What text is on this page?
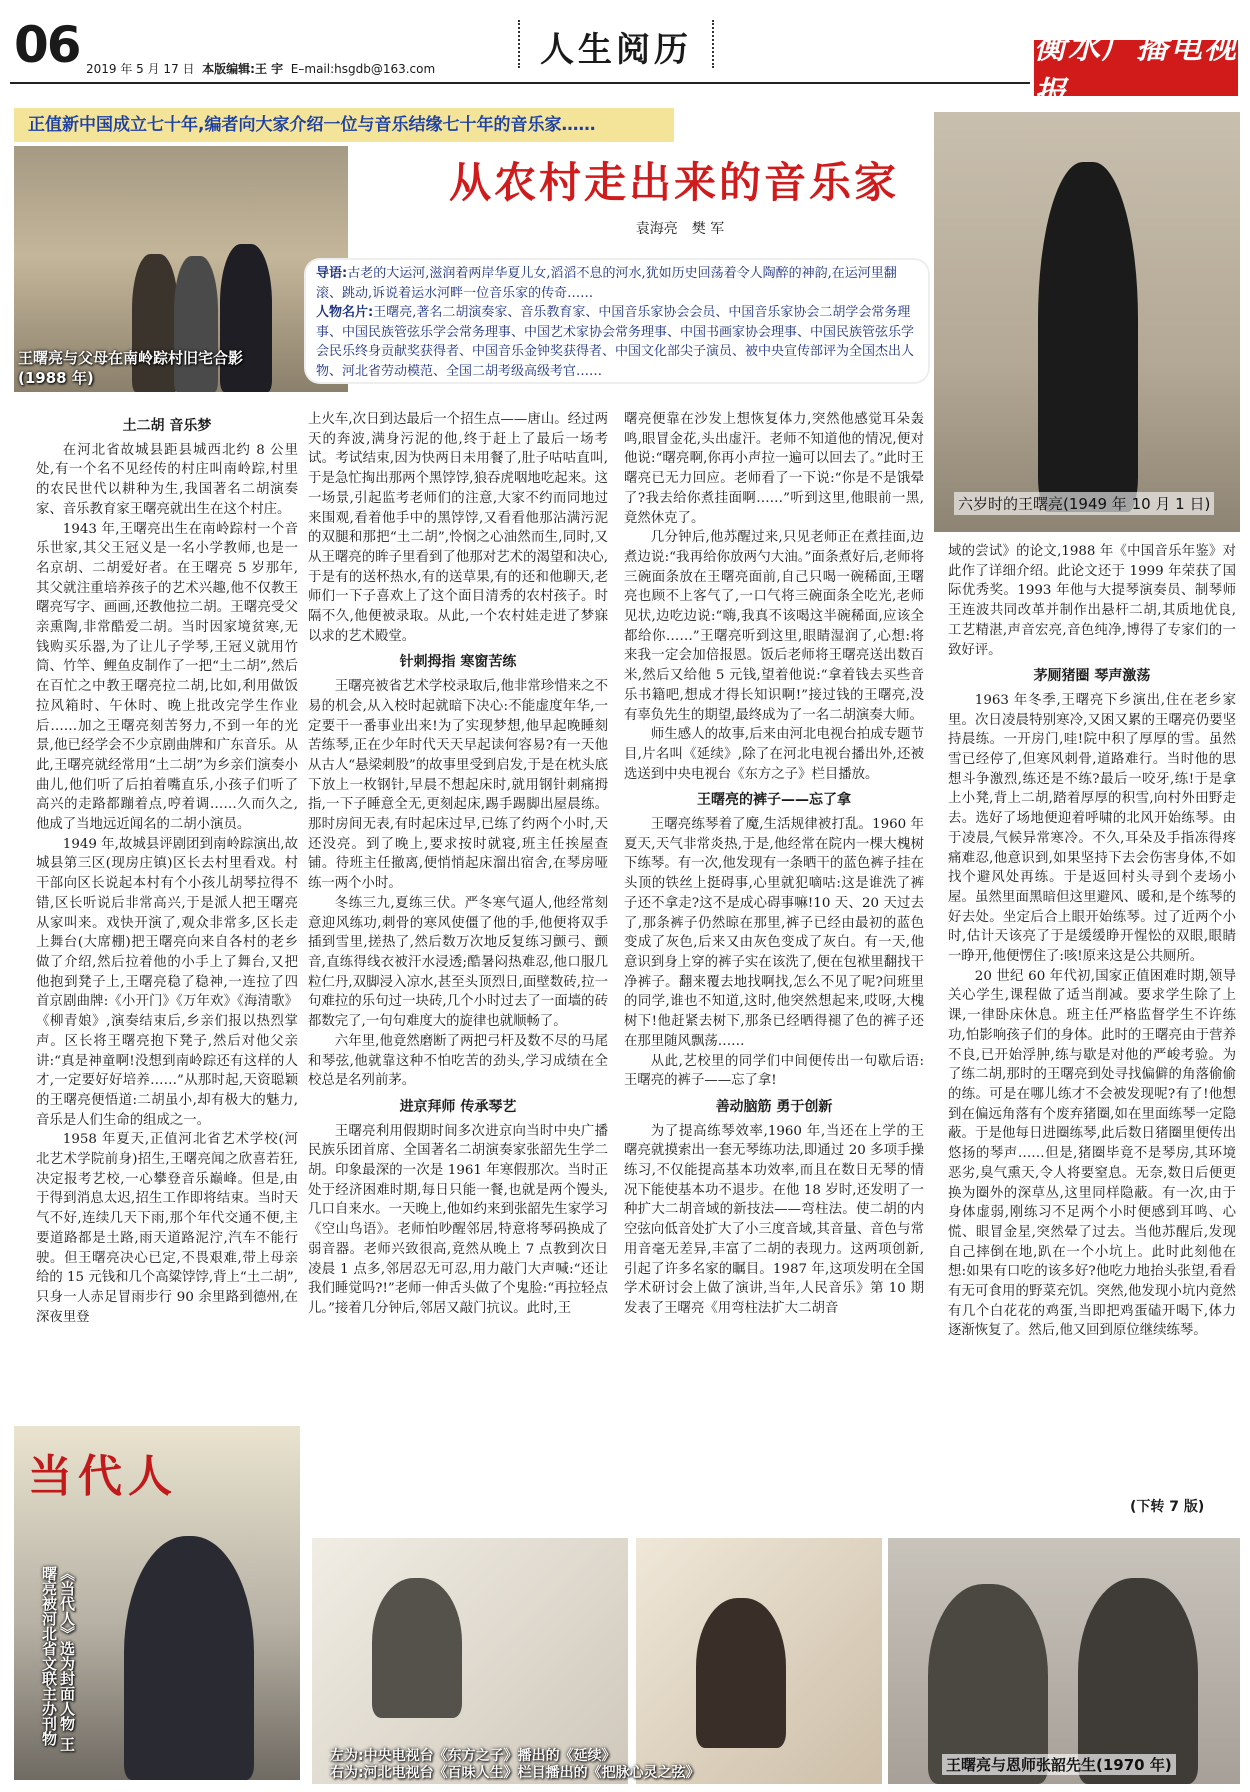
06 2019 年 5 月 17 日 本版编辑:王 宇 E–mail:hsgdb@163.com	人生阅历	衡水广播电视报
正值新中国成立七十年,编者向大家介绍一位与音乐结缘七十年的音乐家……
王曙亮与父母在南岭踪村旧宅合影(1988 年)
从农村走出来的音乐家
袁海亮　樊 军
六岁时的王曙亮(1949 年 10 月 1 日)
导语:古老的大运河,滋润着两岸华夏儿女,滔滔不息的河水,犹如历史回荡着令人陶醉的神韵,在运河里翻滚、跳动,诉说着运水河畔一位音乐家的传奇……
人物名片:王曙亮,著名二胡演奏家、音乐教育家、中国音乐家协会会员、中国音乐家协会二胡学会常务理事、中国民族管弦乐学会常务理事、中国艺术家协会常务理事、中国书画家协会理事、中国民族管弦乐学会民乐终身贡献奖获得者、中国音乐金钟奖获得者、中国文化部尖子演员、被中央宣传部评为全国杰出人物、河北省劳动模范、全国二胡考级高级考官……
土二胡 音乐梦

在河北省故城县距县城西北约 8 公里处,有一个名不见经传的村庄叫南岭踪,村里的农民世代以耕种为生,我国著名二胡演奏家、音乐教育家王曙亮就出生在这个村庄。

1943 年,王曙亮出生在南岭踪村一个音乐世家,其父王冠义是一名小学教师,也是一名京胡、二胡爱好者。在王曙亮 5 岁那年,其父就注重培养孩子的艺术兴趣,他不仅教王曙亮写字、画画,还教他拉二胡。王曙亮受父亲熏陶,非常酷爱二胡。当时因家境贫寒,无钱购买乐器,为了让儿子学琴,王冠义就用竹筒、竹竿、鲤鱼皮制作了一把“土二胡”,然后在百忙之中教王曙亮拉二胡,比如,利用做饭拉风箱时、午休时、晚上批改完学生作业后……加之王曙亮刻苦努力,不到一年的光景,他已经学会不少京剧曲牌和广东音乐。从此,王曙亮就经常用“土二胡”为乡亲们演奏小曲儿,他们听了后拍着嘴直乐,小孩子们听了高兴的走路都蹦着点,哼着调……久而久之,他成了当地远近闻名的二胡小演员。

1949 年,故城县评剧团到南岭踪演出,故城县第三区(现房庄镇)区长去村里看戏。村干部向区长说起本村有个小孩儿胡琴拉得不错,区长听说后非常高兴,于是派人把王曙亮从家叫来。戏快开演了,观众非常多,区长走上舞台(大席棚)把王曙亮向来自各村的老乡做了介绍,然后拉着他的小手上了舞台,又把他抱到凳子上,王曙亮稳了稳神,一连拉了四首京剧曲牌:《小开门》《万年欢》《海清歌》《柳青娘》,演奏结束后,乡亲们报以热烈掌声。区长将王曙亮抱下凳子,然后对他父亲讲:“真是神童啊!没想到南岭踪还有这样的人才,一定要好好培养……”从那时起,天资聪颖的王曙亮便悟道:二胡虽小,却有极大的魅力,音乐是人们生命的组成之一。

1958 年夏天,正值河北省艺术学校(河北艺术学院前身)招生,王曙亮闻之欣喜若狂,决定报考艺校,一心攀登音乐巅峰。但是,由于得到消息太迟,招生工作即将结束。当时天气不好,连续几天下雨,那个年代交通不便,主要道路都是土路,雨天道路泥泞,汽车不能行驶。但王曙亮决心已定,不畏艰难,带上母亲给的 15 元钱和几个高粱饽饽,背上“土二胡”,只身一人赤足冒雨步行 90 余里路到德州,在深夜里登

上火车,次日到达最后一个招生点——唐山。经过两天的奔波,满身污泥的他,终于赶上了最后一场考试。考试结束,因为快两日未用餐了,肚子咕咕直叫,于是急忙掏出那两个黑饽饽,狼吞虎咽地吃起来。这一场景,引起监考老师们的注意,大家不约而同地过来围观,看着他手中的黑饽饽,又看看他那沾满污泥的双腿和那把“土二胡”,怜悯之心油然而生,同时,又从王曙亮的眸子里看到了他那对艺术的渴望和决心,于是有的送杯热水,有的送草果,有的还和他聊天,老师们一下子喜欢上了这个面目清秀的农村孩子。时隔不久,他便被录取。从此,一个农村娃走进了梦寐以求的艺术殿堂。

针刺拇指 寒窗苦练

王曙亮被省艺术学校录取后,他非常珍惜来之不易的机会,从入校时起就暗下决心:不能虚度年华,一定要干一番事业出来!为了实现梦想,他早起晚睡刻苦练琴,正在少年时代天天早起读何容易?有一天他从古人“悬梁刺股”的故事里受到启发,于是在枕头底下放上一枚钢针,早晨不想起床时,就用钢针刺痛拇指,一下子睡意全无,更刻起床,踢手踢脚出屋晨练。那时房间无表,有时起床过早,已练了约两个小时,天还没亮。到了晚上,要求按时就寝,班主任挨屋查铺。待班主任撤离,便悄悄起床溜出宿舍,在琴房哑练一两个小时。

冬练三九,夏练三伏。严冬寒气逼人,他经常刻意迎风练功,刺骨的寒风使僵了他的手,他便将双手插到雪里,搓热了,然后数万次地反复练习颤弓、颤音,直练得线衣被汗水浸透;酷暑闷热难忍,他口服几粒仁丹,双脚浸入凉水,甚至头顶烈日,面壁数砖,拉一句难拉的乐句过一块砖,几个小时过去了一面墙的砖都数完了,一句句难度大的旋律也就顺畅了。

六年里,他竟然磨断了两把弓杆及数不尽的马尾和琴弦,他就靠这种不怕吃苦的劲头,学习成绩在全校总是名列前茅。

进京拜师 传承琴艺

王曙亮利用假期时间多次进京向当时中央广播民族乐团首席、全国著名二胡演奏家张韶先生学二胡。印象最深的一次是 1961 年寒假那次。当时正处于经济困难时期,每日只能一餐,也就是两个馒头,几口自来水。一天晚上,他如约来到张韶先生家学习《空山鸟语》。老师怕吵醒邻居,特意将琴码换成了弱音器。老师兴致很高,竟然从晚上 7 点教到次日凌晨 1 点多,邻居忍无可忍,用力敲门大声喊:“还让我们睡觉吗?!”老师一伸舌头做了个鬼脸:“再拉轻点儿。”接着几分钟后,邻居又敲门抗议。此时,王

曙亮便靠在沙发上想恢复体力,突然他感觉耳朵轰鸣,眼冒金花,头出虚汗。老师不知道他的情况,便对他说:“曙亮啊,你再小声拉一遍可以回去了。”此时王曙亮已无力回应。老师看了一下说:“你是不是饿晕了?我去给你煮挂面啊……”听到这里,他眼前一黑,竟然休克了。

几分钟后,他苏醒过来,只见老师正在煮挂面,边煮边说:“我再给你放两勺大油。”面条煮好后,老师将三碗面条放在王曙亮面前,自己只喝一碗稀面,王曙亮也顾不上客气了,一口气将三碗面条全吃光,老师见状,边吃边说:“嗨,我真不该喝这半碗稀面,应该全都给你……”王曙亮听到这里,眼睛湿润了,心想:将来我一定会加倍报恩。饭后老师将王曙亮送出数百米,然后又给他 5 元钱,望着他说:“拿着钱去买些音乐书籍吧,想成才得长知识啊!”接过钱的王曙亮,没有辜负先生的期望,最终成为了一名二胡演奏大师。

师生感人的故事,后来由河北电视台拍成专题节目,片名叫《延续》,除了在河北电视台播出外,还被选送到中央电视台《东方之子》栏目播放。

王曙亮的裤子——忘了拿

王曙亮练琴着了魔,生活规律被打乱。1960 年夏天,天气非常炎热,于是,他经常在院内一棵大槐树下练琴。有一次,他发现有一条晒干的蓝色裤子挂在头顶的铁丝上挺碍事,心里就犯嘀咕:这是谁洗了裤子还不拿走?这不是成心碍事嘛!10 天、20 天过去了,那条裤子仍然晾在那里,裤子已经由最初的蓝色变成了灰色,后来又由灰色变成了灰白。有一天,他意识到身上穿的裤子实在该洗了,便在包袱里翻找干净裤子。翻来覆去地找啊找,怎么不见了呢?问班里的同学,谁也不知道,这时,他突然想起来,哎呀,大槐树下!他赶紧去树下,那条已经晒得褪了色的裤子还在那里随风飘荡……

从此,艺校里的同学们中间便传出一句歇后语:王曙亮的裤子——忘了拿!

善动脑筋 勇于创新

为了提高练琴效率,1960 年,当还在上学的王曙亮就摸索出一套无琴练功法,即通过 20 多项手操练习,不仅能提高基本功效率,而且在数日无琴的情况下能使基本功不退步。在他 18 岁时,还发明了一种扩大二胡音域的新技法——弯柱法。使二胡的内空弦向低音处扩大了小三度音域,其音量、音色与常用音毫无差异,丰富了二胡的表现力。这两项创新,引起了许多名家的瞩目。1987 年,这项发明在全国学术研讨会上做了演讲,当年,人民音乐》第 10 期发表了王曙亮《用弯柱法扩大二胡音

域的尝试》的论文,1988 年《中国音乐年鉴》对此作了详细介绍。此论文还于 1999 年荣获了国际优秀奖。1993 年他与大提琴演奏员、制琴师王连波共同改革并制作出悬杆二胡,其质地优良,工艺精湛,声音宏亮,音色纯净,博得了专家们的一致好评。

茅厕猪圈 琴声激荡

1963 年冬季,王曙亮下乡演出,住在老乡家里。次日凌晨特别寒冷,又困又累的王曙亮仍要坚持晨练。一开房门,哇!院中积了厚厚的雪。虽然雪已经停了,但寒风刺骨,道路难行。当时他的思想斗争激烈,练还是不练?最后一咬牙,练!于是拿上小凳,背上二胡,踏着厚厚的积雪,向村外田野走去。选好了场地便迎着呼啸的北风开始练琴。由于凌晨,气候异常寒冷。不久,耳朵及手指冻得疼痛难忍,他意识到,如果坚持下去会伤害身体,不如找个避风处再练。于是返回村头寻到个麦场小屋。虽然里面黑暗但这里避风、暖和,是个练琴的好去处。坐定后合上眼开始练琴。过了近两个小时,估计天该亮了于是缓缓睁开惺忪的双眼,眼睛一睁开,他便愣住了:咳!原来这是公共厕所。

20 世纪 60 年代初,国家正值困难时期,领导关心学生,课程做了适当削减。要求学生除了上课,一律卧床休息。班主任严格监督学生不许练功,怕影响孩子们的身体。此时的王曙亮由于营养不良,已开始浮肿,练与歇是对他的严峻考验。为了练二胡,那时的王曙亮到处寻找偏僻的角落偷偷的练。可是在哪儿练才不会被发现呢?有了!他想到在偏远角落有个废弃猪圈,如在里面练琴一定隐蔽。于是他每日进圈练琴,此后数日猪圈里便传出悠扬的琴声……但是,猪圈毕竟不是琴房,其环境恶劣,臭气熏天,令人将要窒息。无奈,数日后便更换为圈外的深草丛,这里同样隐蔽。有一次,由于身体虚弱,刚练习不足两个小时便感到耳鸣、心慌、眼冒金星,突然晕了过去。当他苏醒后,发现自己摔倒在地,趴在一个小坑上。此时此刻他在想:如果有口吃的该多好?他吃力地抬头张望,看看有无可食用的野菜充饥。突然,他发现小坑内竟然有几个白花花的鸡蛋,当即把鸡蛋磕开喝下,体力逐渐恢复了。然后,他又回到原位继续练琴。

(下转 7 版)
当代人
《当代人》选为封面人物 王曙亮被河北省文联主办刊物
左为:中央电视台《东方之子》播出的《延续》
右为:河北电视台《百味人生》栏目播出的《把脉心灵之弦》	王曙亮与恩师张韶先生(1970 年)
